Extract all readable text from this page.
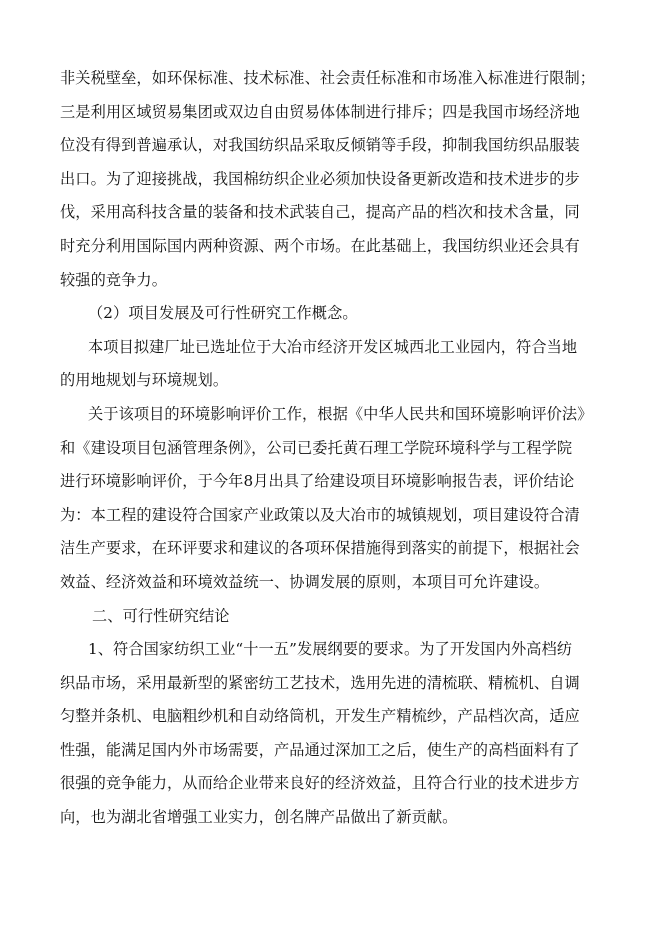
非关税壁垒，如环保标准、技术标准、社会责任标准和市场准入标准进行限制；
三是利用区域贸易集团或双边自由贸易体体制进行排斥；四是我国市场经济地
位没有得到普遍承认，对我国纺织品采取反倾销等手段，抑制我国纺织品服装
出口。为了迎接挑战，我国棉纺织企业必须加快设备更新改造和技术进步的步
伐，采用高科技含量的装备和技术武装自己，提高产品的档次和技术含量，同
时充分利用国际国内两种资源、两个市场。在此基础上，我国纺织业还会具有
较强的竞争力。
（2）项目发展及可行性研究工作概念。
本项目拟建厂址已选址位于大冶市经济开发区城西北工业园内，符合当地
的用地规划与环境规划。
关于该项目的环境影响评价工作，根据《中华人民共和国环境影响评价法》
和《建设项目包涵管理条例》，公司已委托黄石理工学院环境科学与工程学院
进行环境影响评价，于今年8月出具了给建设项目环境影响报告表，评价结论
为：本工程的建设符合国家产业政策以及大冶市的城镇规划，项目建设符合清
洁生产要求，在环评要求和建议的各项环保措施得到落实的前提下，根据社会
效益、经济效益和环境效益统一、协调发展的原则，本项目可允许建设。
二、可行性研究结论
1、符合国家纺织工业“十一五”发展纲要的要求。为了开发国内外高档纺
织品市场，采用最新型的紧密纺工艺技术，选用先进的清梳联、精梳机、自调
匀整并条机、电脑粗纱机和自动络筒机，开发生产精梳纱，产品档次高，适应
性强，能满足国内外市场需要，产品通过深加工之后，使生产的高档面料有了
很强的竞争能力，从而给企业带来良好的经济效益，且符合行业的技术进步方
向，也为湖北省增强工业实力，创名牌产品做出了新贡献。
